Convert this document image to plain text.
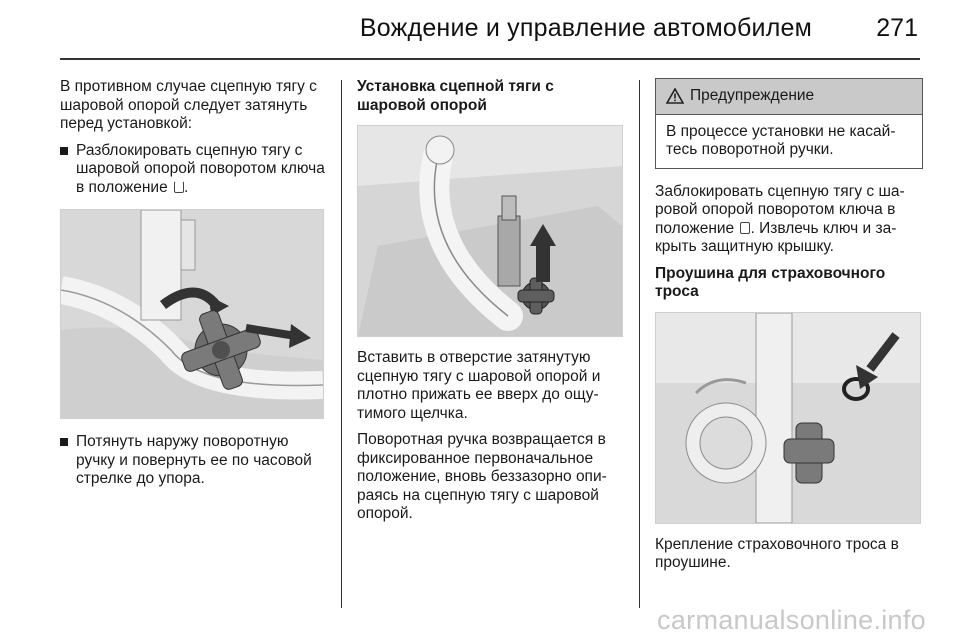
Вождение и управление автомобилем	271

В противном случае сцепную тягу с шаровой опорой следует затянуть перед установкой:

Разблокировать сцепную тягу с шаровой опорой поворотом ключа в положение .
Потянуть наружу поворотную ручку и повернуть ее по часовой стрелке до упора.

Установка сцепной тяги с шаровой опорой

Вставить в отверстие затянутую сцепную тягу с шаровой опорой и плотно прижать ее вверх до ощу-тимого щелчка.

Поворотная ручка возвращается в фиксированное первоначальное положение, вновь беззазорно опи-раясь на сцепную тягу с шаровой опорой.

Предупреждение
В процессе установки не касай-тесь поворотной ручки.

Заблокировать сцепную тягу с ша-ровой опорой поворотом ключа в положение . Извлечь ключ и за-крыть защитную крышку.

Проушина для страховочного троса

Крепление страховочного троса в проушине.

carmanualsonline.info
